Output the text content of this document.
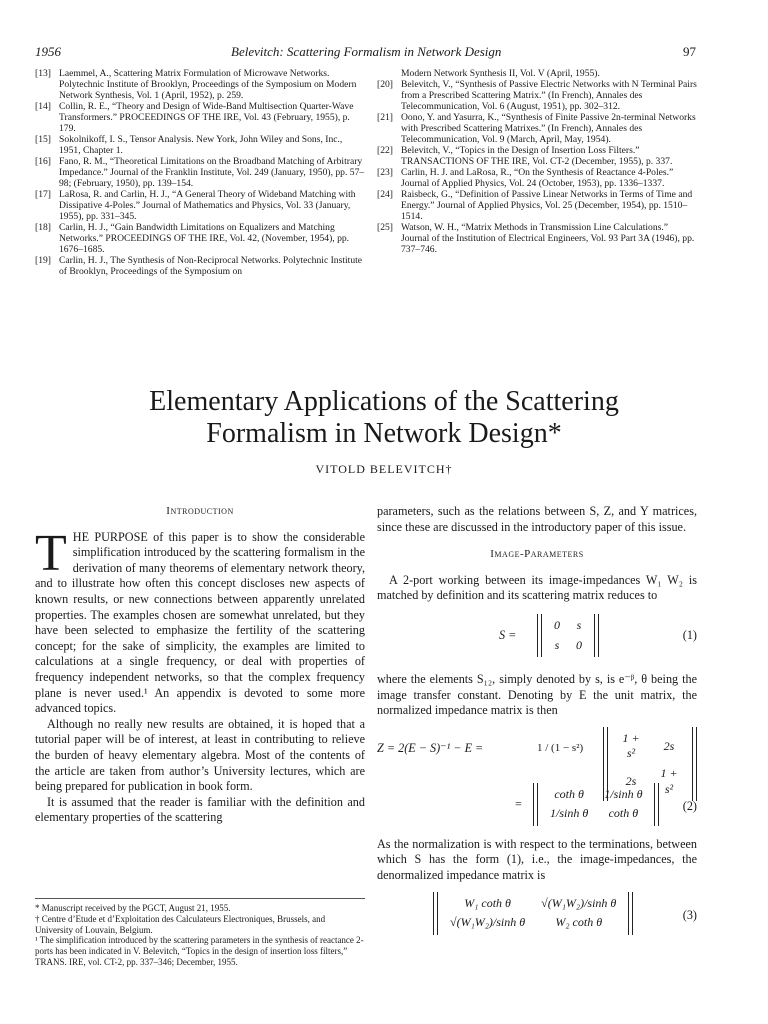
1956	Belevitch: Scattering Formalism in Network Design	97
[13] Laemmel, A., Scattering Matrix Formulation of Microwave Networks. Polytechnic Institute of Brooklyn, Proceedings of the Symposium on Modern Network Synthesis, Vol. 1 (April, 1952), p. 259.
[14] Collin, R. E., “Theory and Design of Wide-Band Multisection Quarter-Wave Transformers.” PROCEEDINGS OF THE IRE, Vol. 43 (February, 1955), p. 179.
[15] Sokolnikoff, I. S., Tensor Analysis. New York, John Wiley and Sons, Inc., 1951, Chapter 1.
[16] Fano, R. M., “Theoretical Limitations on the Broadband Matching of Arbitrary Impedance.” Journal of the Franklin Institute, Vol. 249 (January, 1950), pp. 57–98; (February, 1950), pp. 139–154.
[17] LaRosa, R. and Carlin, H. J., “A General Theory of Wideband Matching with Dissipative 4-Poles.” Journal of Mathematics and Physics, Vol. 33 (January, 1955), pp. 331–345.
[18] Carlin, H. J., “Gain Bandwidth Limitations on Equalizers and Matching Networks.” PROCEEDINGS OF THE IRE, Vol. 42, (November, 1954), pp. 1676–1685.
[19] Carlin, H. J., The Synthesis of Non-Reciprocal Networks. Polytechnic Institute of Brooklyn, Proceedings of the Symposium on
Modern Network Synthesis II, Vol. V (April, 1955).
[20] Belevitch, V., “Synthesis of Passive Electric Networks with N Terminal Pairs from a Prescribed Scattering Matrix.” (In French), Annales des Telecommunication, Vol. 6 (August, 1951), pp. 302–312.
[21] Oono, Y. and Yasurra, K., “Synthesis of Finite Passive 2n-terminal Networks with Prescribed Scattering Matrixes.” (In French), Annales des Telecommunication, Vol. 9 (March, April, May, 1954).
[22] Belevitch, V., “Topics in the Design of Insertion Loss Filters.” TRANSACTIONS OF THE IRE, Vol. CT-2 (December, 1955), p. 337.
[23] Carlin, H. J. and LaRosa, R., “On the Synthesis of Reactance 4-Poles.” Journal of Applied Physics, Vol. 24 (October, 1953), pp. 1336–1337.
[24] Raisbeck, G., “Definition of Passive Linear Networks in Terms of Time and Energy.” Journal of Applied Physics, Vol. 25 (December, 1954), pp. 1510–1514.
[25] Watson, W. H., “Matrix Methods in Transmission Line Calculations.” Journal of the Institution of Electrical Engineers, Vol. 93 Part 3A (1946), pp. 737–746.
Elementary Applications of the Scattering
Formalism in Network Design*
VITOLD BELEVITCH†
Introduction

THE PURPOSE of this paper is to show the considerable simplification introduced by the scattering formalism in the derivation of many theorems of elementary network theory, and to illustrate how often this concept discloses new aspects of known results, or new connections between apparently unrelated properties. The examples chosen are somewhat unrelated, but they have been selected to emphasize the fertility of the scattering concept; for the sake of simplicity, the examples are limited to calculations at a single frequency, or deal with properties of frequency independent networks, so that the complex frequency plane is never used.¹ An appendix is devoted to some more advanced topics.

Although no really new results are obtained, it is hoped that a tutorial paper will be of interest, at least in contributing to relieve the burden of heavy elementary algebra. Most of the contents of the article are taken from author’s University lectures, which are being prepared for publication in book form.

It is assumed that the reader is familiar with the definition and elementary properties of the scattering

* Manuscript received by the PGCT, August 21, 1955.
† Centre d’Etude et d’Exploitation des Calculateurs Electroniques, Brussels, and University of Louvain, Belgium.
¹ The simplification introduced by the scattering parameters in the synthesis of reactance 2-ports has been indicated in V. Belevitch, “Topics in the design of insertion loss filters,” TRANS. IRE, vol. CT-2, pp. 337–346; December, 1955.

parameters, such as the relations between S, Z, and Y matrices, since these are discussed in the introductory paper of this issue.

Image-Parameters

A 2-port working between its image-impedances W₁ W₂ is matched by definition and its scattering matrix reduces to

S =
0	s
s	0
(1)

where the elements S₁₂, simply denoted by s, is e⁻ᵝ, θ being the image transfer constant. Denoting by E the unit matrix, the normalized impedance matrix is then

Z = 2(E − S)⁻¹ − E =	1 / (1 − s²)
1 + s²	2s
2s	1 + s²
=
coth θ	1/sinh θ
1/sinh θ	coth θ
(2)

As the normalization is with respect to the terminations, between which S has the form (1), i.e., the image-impedances, the denormalized impedance matrix is

W₁ coth θ	√(W₁W₂)/sinh θ
√(W₁W₂)/sinh θ	W₂ coth θ
(3)
